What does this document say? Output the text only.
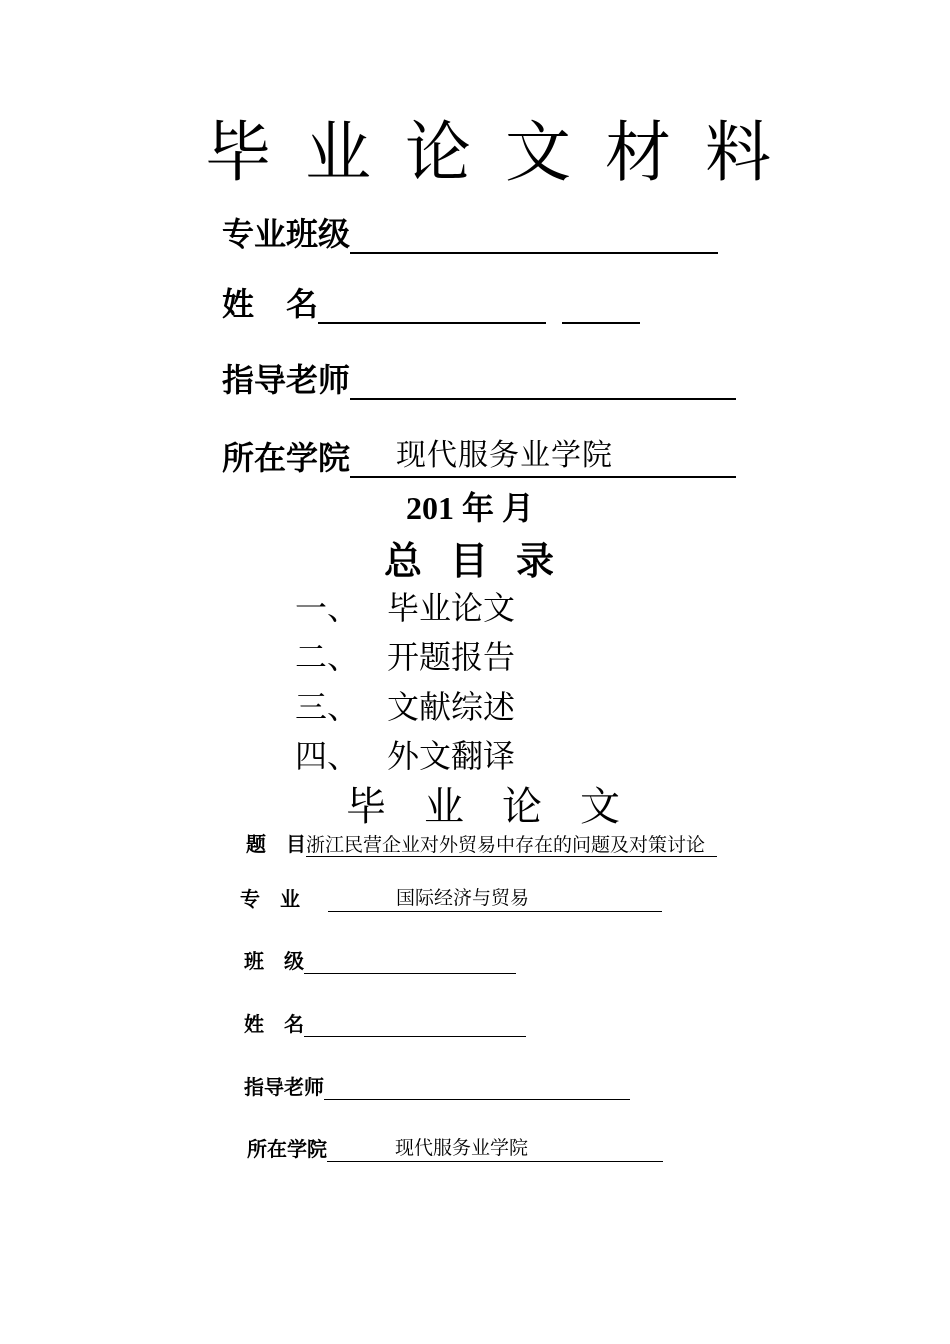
毕业论文材料
专业班级
姓　名
指导老师
所在学院 现代服务业学院
201 年 月
总目录
一、 毕业论文
二、 开题报告
三、 文献综述
四、 外文翻译
毕业论文
题　目浙江民营企业对外贸易中存在的问题及对策讨论
专　业	国际经济与贸易
班　级
姓　名
指导老师
所在学院	现代服务业学院
